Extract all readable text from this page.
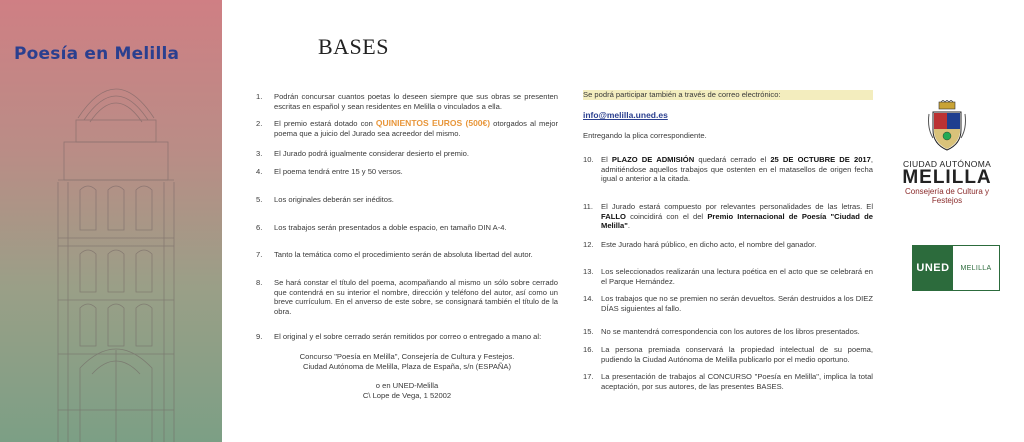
Poesía en Melilla	BASES
1.	Podrán concursar cuantos poetas lo deseen siempre que sus obras se presenten escritas en español y sean residentes en Melilla o vinculados a ella.
2.	El premio estará dotado con QUINIENTOS EUROS (500€) otorgados al mejor poema que a juicio del Jurado sea acreedor del mismo.
3.	El Jurado podrá igualmente considerar desierto el premio.
4.	El poema tendrá entre 15 y 50 versos.
5.	Los originales deberán ser inéditos.
6.	Los trabajos serán presentados a doble espacio, en tamaño DIN A-4.
7.	Tanto la temática como el procedimiento serán de absoluta libertad del autor.
8.	Se hará constar el título del poema, acompañando al mismo un sólo sobre cerrado que contendrá en su interior el nombre, dirección y teléfono del autor, así como un breve currículum. En el anverso de este sobre, se consignará también el título de la obra.
9.	El original y el sobre cerrado serán remitidos por correo o entregado a mano al:
Concurso "Poesía en Melilla", Consejería de Cultura y Festejos.
Ciudad Autónoma de Melilla, Plaza de España, s/n (ESPAÑA)
o en UNED-Melilla
C\ Lope de Vega, 1 52002
Se podrá participar también a través de correo electrónico:
info@melilla.uned.es
Entregando la plica correspondiente.
10. El PLAZO DE ADMISIÓN quedará cerrado el 25 DE OCTUBRE DE 2017, admitiéndose aquellos trabajos que ostenten en el matasellos de origen fecha igual o anterior a la citada.
11.	El Jurado estará compuesto por relevantes personalidades de las letras. El FALLO coincidirá con el del Premio Internacional de Poesía "Ciudad de Melilla".
12. Este Jurado hará público, en dicho acto, el nombre del ganador.
13. Los seleccionados realizarán una lectura poética en el acto que se celebrará en el Parque Hernández.
14. Los trabajos que no se premien no serán devueltos. Serán destruidos a los DIEZ DÍAS siguientes al fallo.
15. No se mantendrá correspondencia con los autores de los libros presentados.
16. La persona premiada conservará la propiedad intelectual de su poema, pudiendo la Ciudad Autónoma de Melilla publicarlo por el medio oportuno.
17. La presentación de trabajos al CONCURSO "Poesía en Melilla", implica la total aceptación, por sus autores, de las presentes BASES.
CIUDAD AUTÓNOMA
MELILLA
Consejería de Cultura y Festejos
UNED	MELILLA
